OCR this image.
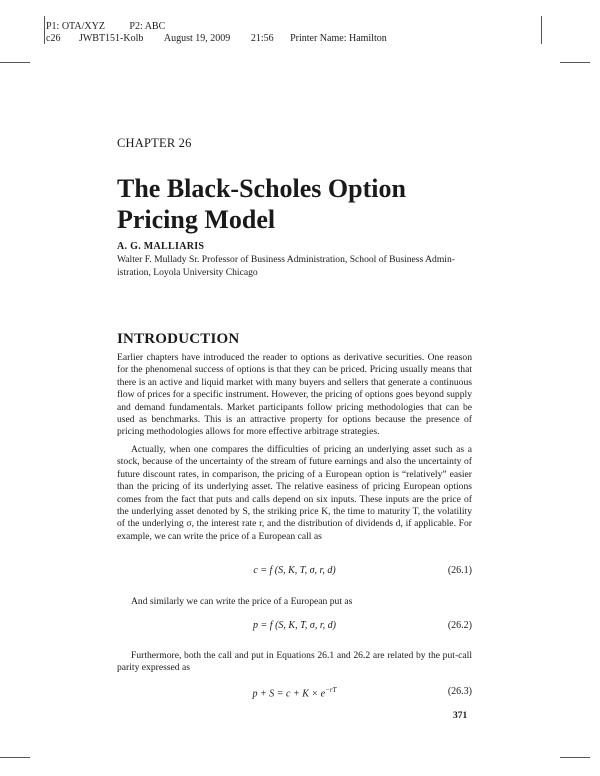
P1: OTA/XYZ P2: ABC
c26 JWBT151-Kolb August 19, 2009 21:56 Printer Name: Hamilton
CHAPTER 26
The Black-Scholes Option
Pricing Model
A. G. MALLIARIS
Walter F. Mullady Sr. Professor of Business Administration, School of Business Admin-
istration, Loyola University Chicago
INTRODUCTION

Earlier chapters have introduced the reader to options as derivative securities. One reason for the phenomenal success of options is that they can be priced. Pricing usually means that there is an active and liquid market with many buyers and sellers that generate a continuous flow of prices for a specific instrument. However, the pricing of options goes beyond supply and demand fundamentals. Market participants follow pricing methodologies that can be used as benchmarks. This is an attractive property for options because the presence of pricing methodologies allows for more effective arbitrage strategies.

Actually, when one compares the difficulties of pricing an underlying asset such as a stock, because of the uncertainty of the stream of future earnings and also the uncertainty of future discount rates, in comparison, the pricing of a European option is “relatively” easier than the pricing of its underlying asset. The relative easiness of pricing European options comes from the fact that puts and calls depend on six inputs. These inputs are the price of the underlying asset denoted by S, the striking price K, the time to maturity T, the volatility of the underlying σ, the interest rate r, and the distribution of dividends d, if applicable. For example, we can write the price of a European call as

c = f (S, K, T, σ, r, d)	(26.1)

And similarly we can write the price of a European put as

p = f (S, K, T, σ, r, d)	(26.2)

Furthermore, both the call and put in Equations 26.1 and 26.2 are related by the put-call parity expressed as

$p + S = c + K \times e^{-rT}$	(26.3)
371
